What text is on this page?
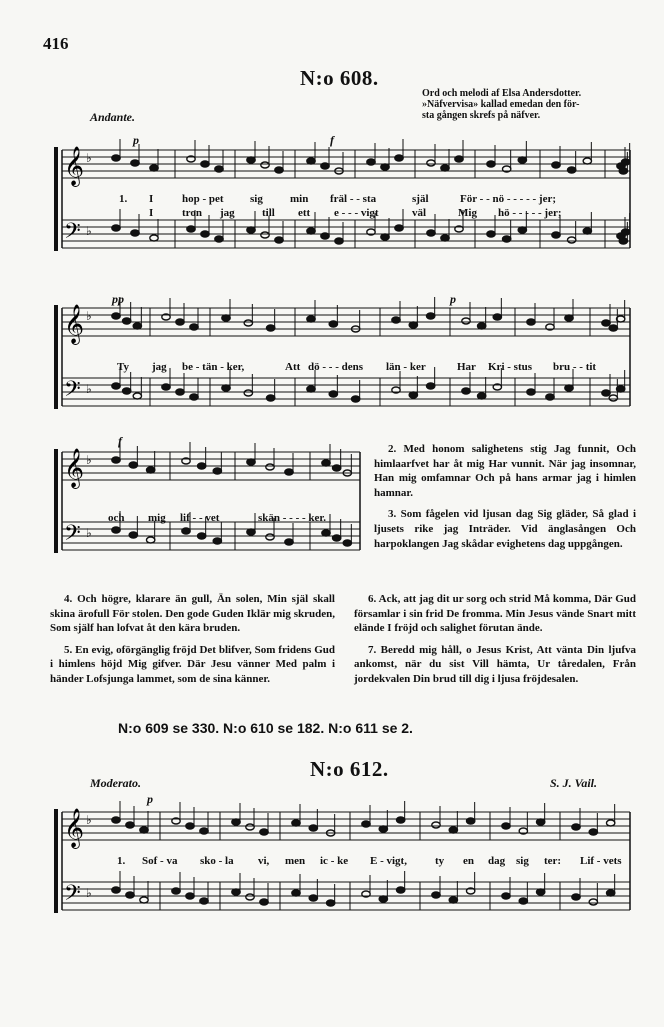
416
N:o 608.
Ord och melodi af Elsa Andersdotter.
»Näfvervisa» kallad emedan den för-
sta gången skrefs på näfver.
Andante.
𝄞
𝄢
♭
♭
p	f
1. I	hop - pet sig min fräl - - sta	själ	För - - nö - - - - - jer;
I	tron jag till ett e - - - vigt	väl	Mig hö - - - - - jer;
𝄞
𝄢
♭
♭
pp	p
Ty jag be - tän - ker,	Att dö - - - dens län - ker	Har Kri - stus bru - - tit
𝄞
𝄢
♭
♭
f
och mig lif - - vet	skän - - - - ker.

2. Med honom salighetens stig Jag funnit, Och himlaarfvet har åt mig Har vunnit. När jag insomnar, Han mig omfamnar Och på hans armar jag i himlen hamnar.

3. Som fågelen vid ljusan dag Sig gläder, Så glad i ljusets rike jag Inträder. Vid änglasången Och harpoklangen Jag skådar evighetens dag uppgången.

4. Och högre, klarare än gull, Än solen, Min själ skall skina ärofull För stolen. Den gode Guden Iklär mig skruden, Som själf han lofvat åt den kära bruden.

5. En evig, oförgänglig fröjd Det blifver, Som fridens Gud i himlens höjd Mig gifver. Där Jesu vänner Med palm i händer Lofsjunga lammet, som de sina känner.

6. Ack, att jag dit ur sorg och strid Må komma, Där Gud församlar i sin frid De fromma. Min Jesus vände Snart mitt elände I fröjd och salighet förutan ände.

7. Beredd mig håll, o Jesus Krist, Att vänta Din ljufva ankomst, när du sist Vill hämta, Ur tåredalen, Från jordekvalen Din brud till dig i ljusa fröjdesalen.

N:o 609 se 330. N:o 610 se 182. N:o 611 se 2.
N:o 612.
Moderato.	S. J. Vail.
𝄞
𝄢
♭
♭
p
1. Sof - va sko - la vi, men ic - ke E - vigt,	ty en dag sig ter: Lif - vets
